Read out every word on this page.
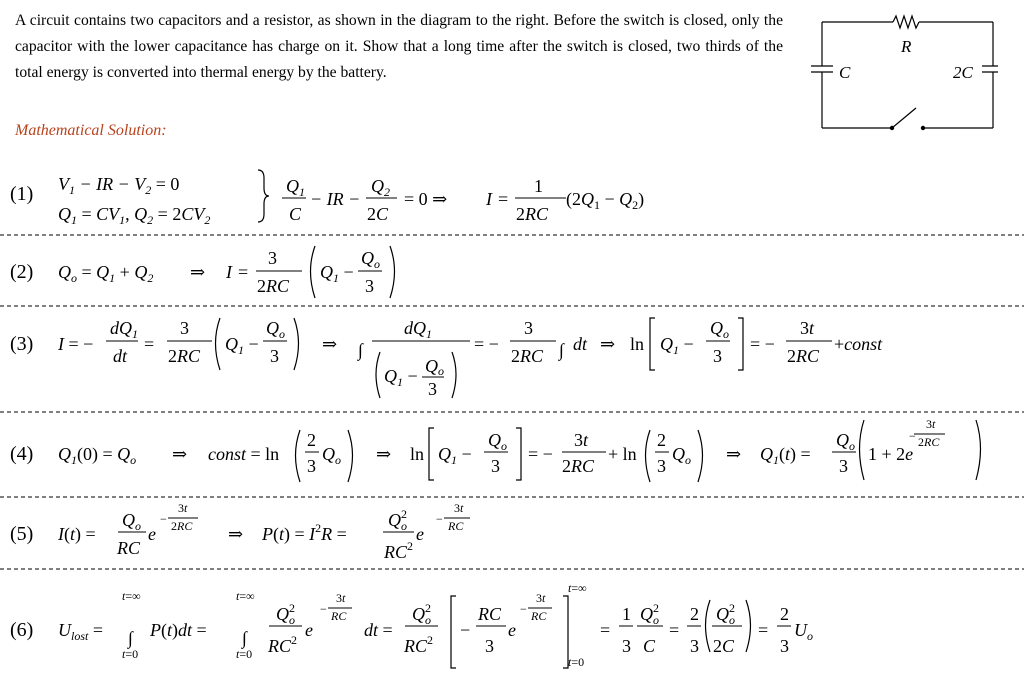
A circuit contains two capacitors and a resistor, as shown in the diagram to the right. Before the switch is closed, only the capacitor with the lower capacitance has charge on it. Show that a long time after the switch is closed, two thirds of the total energy is converted into thermal energy by the battery.
Mathematical Solution:
R
C	2C
(1) $V_1$ − IR − $V_2 = 0$
$Q_1 = CV_1$, $Q_2 = 2CV_2$
$Q_1$
C
− IR −
$Q_2$
2C
= 0 ⇒ I =
1
2RC
$(2Q_1 - Q_2)$
(2) $Q_o = Q_1 + Q_2$ ⇒ I =
3
2RC
$Q_1$ −
$Q_o$
3
(3) I = −
$dQ_1$
dt
=
3
2RC
$Q_1$ −
$Q_o$
3
⇒ ∫
$dQ_1$
$Q_1 - Qo$
3
= −
3
2RC ∫ dt ⇒ $\ln Q_1$ −
$Q_o$
3
= −
3t
2RC
+const
(4) $Q_1(0) = Q_o$ ⇒ const = ln
2
3
$Q_o$ ⇒ $\ln Q_1$ −
$Q_o$
3
= −
3t
2RC
+ ln
2
3
$Q_o$ ⇒ $Q_1(t)$ =
$Q_o$
3
1 + 2e
3t
− 2RC
(5) I(t) =
$Q_o$
RC
e
3t
− 2RC ⇒ $P(t) = I^2R$ =
$Q^2$ o
$RC^2$
e
3t
− RC
(6) $U_{lost}$ =
t=∞
∫
t=0
P(t)dt =
t=∞
∫
t=0
$Q^2$ o
$RC^2$ e
3t
− RC
dt =
$Q^2$ o
$RC^2$ −
RC
3
e
3t
− RC
t=∞
t=0
=
1
3
$Q^2$ o
C
=
2
3
$Q^2$ o
2C
=
2
3
$U_o$
